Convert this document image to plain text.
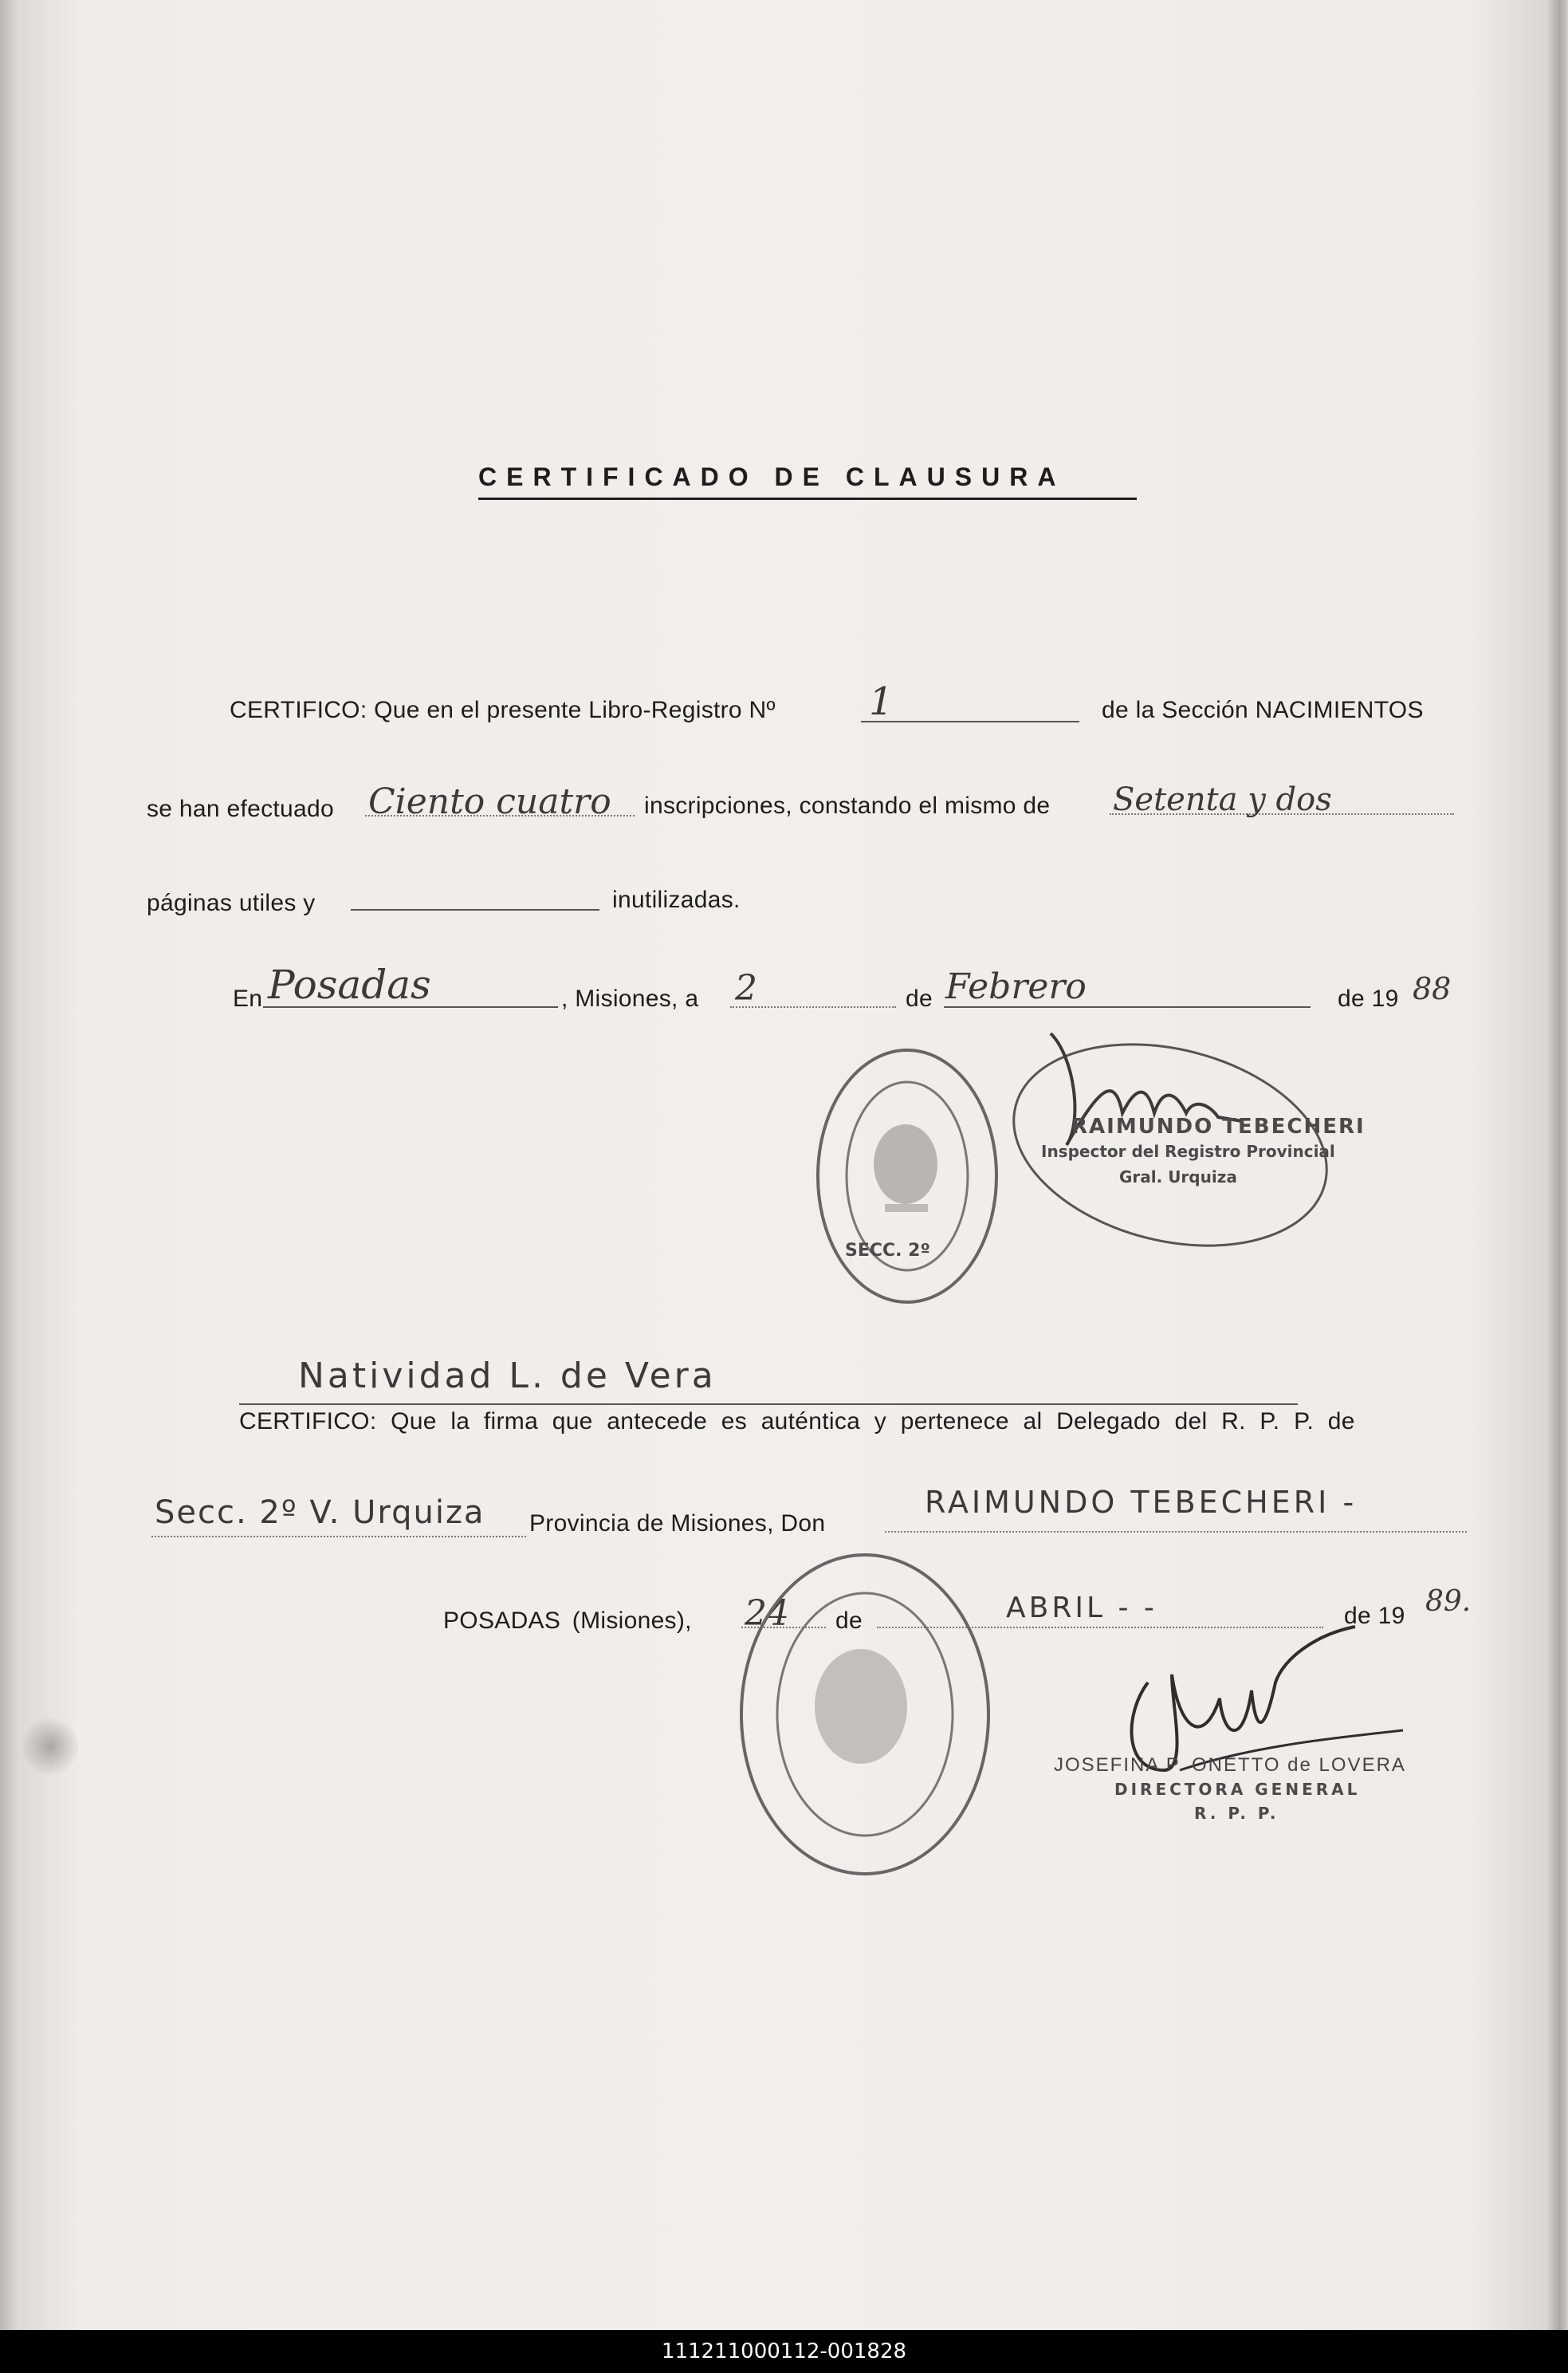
CERTIFICADO DE CLAUSURA
CERTIFICO: Que en el presente Libro-Registro Nº 1	de la Sección NACIMIENTOS
se han efectuado Ciento cuatro inscripciones, constando el mismo de Setenta y dos
páginas utiles y	inutilizadas.
En Posadas	, Misiones, a 2	de Febrero	de 19 88
SECC. 2º
RAIMUNDO TEBECHERI
Inspector del Registro Provincial
Gral. Urquiza
Natividad L. de Vera
CERTIFICO: Que la firma que antecede es auténtica y pertenece al Delegado del R. P. P. de
Secc. 2º V. Urquiza Provincia de Misiones, Don
RAIMUNDO TEBECHERI -
POSADAS (Misiones), 24 de	ABRIL - -	de 19 89.
JOSEFINA P. ONETTO de LOVERA
DIRECTORA GENERAL
R. P. P.
111211000112-001828
